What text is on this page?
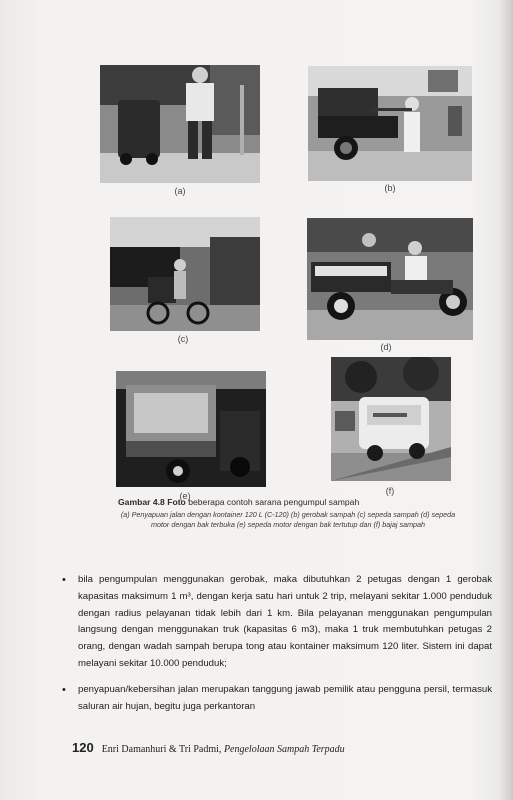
(a)	(b)
(c)
(d)
(e)	(f)
Gambar 4.8 Foto beberapa contoh sarana pengumpul sampah
(a) Penyapuan jalan dengan kontainer 120 L (C-120) (b) gerobak sampah (c) sepeda sampah (d) sepeda motor dengan bak terbuka (e) sepeda motor dengan bak tertutup dan (f) bajaj sampah
• bila pengumpulan menggunakan gerobak, maka dibutuhkan 2 petugas dengan 1 gerobak kapasitas maksimum 1 m³, dengan kerja satu hari untuk 2 trip, melayani sekitar 1.000 penduduk dengan radius pelayanan tidak lebih dari 1 km. Bila pelayanan menggunakan pengumpulan langsung dengan menggunakan truk (kapasitas 6 m3), maka 1 truk membutuhkan petugas 2 orang, dengan wadah sampah berupa tong atau kontainer maksimum 120 liter. Sistem ini dapat melayani sekitar 10.000 penduduk;
• penyapuan/kebersihan jalan merupakan tanggung jawab pemilik atau pengguna persil, termasuk saluran air hujan, begitu juga perkantoran
120 Enri Damanhuri & Tri Padmi, Pengelolaan Sampah Terpadu
